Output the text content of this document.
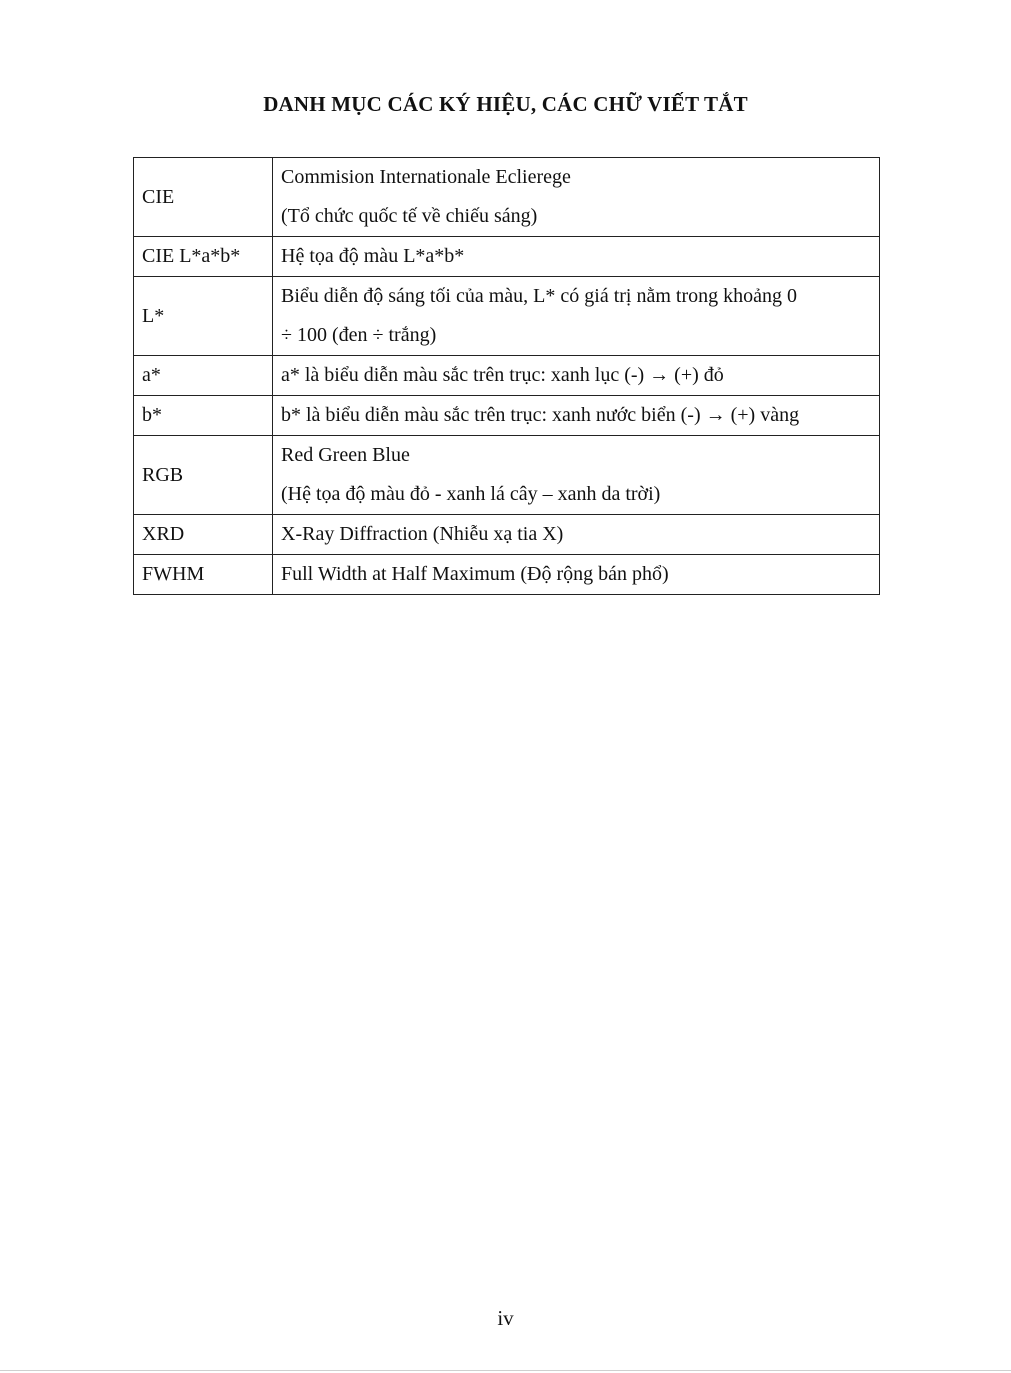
DANH MỤC CÁC KÝ HIỆU, CÁC CHỮ VIẾT TẮT
CIE	Commision Internationale Eclierege
(Tổ chức quốc tế về chiếu sáng)

CIE L*a*b*	Hệ tọa độ màu L*a*b*

L*	Biểu diễn độ sáng tối của màu, L* có giá trị nằm trong khoảng 0
÷ 100 (đen ÷ trắng)

a*	a* là biểu diễn màu sắc trên trục: xanh lục (-) → (+) đỏ

b*	b* là biểu diễn màu sắc trên trục: xanh nước biển (-) → (+) vàng

RGB	Red Green Blue
(Hệ tọa độ màu đỏ - xanh lá cây – xanh da trời)

XRD	X-Ray Diffraction (Nhiễu xạ tia X)

FWHM	Full Width at Half Maximum (Độ rộng bán phổ)
iv
